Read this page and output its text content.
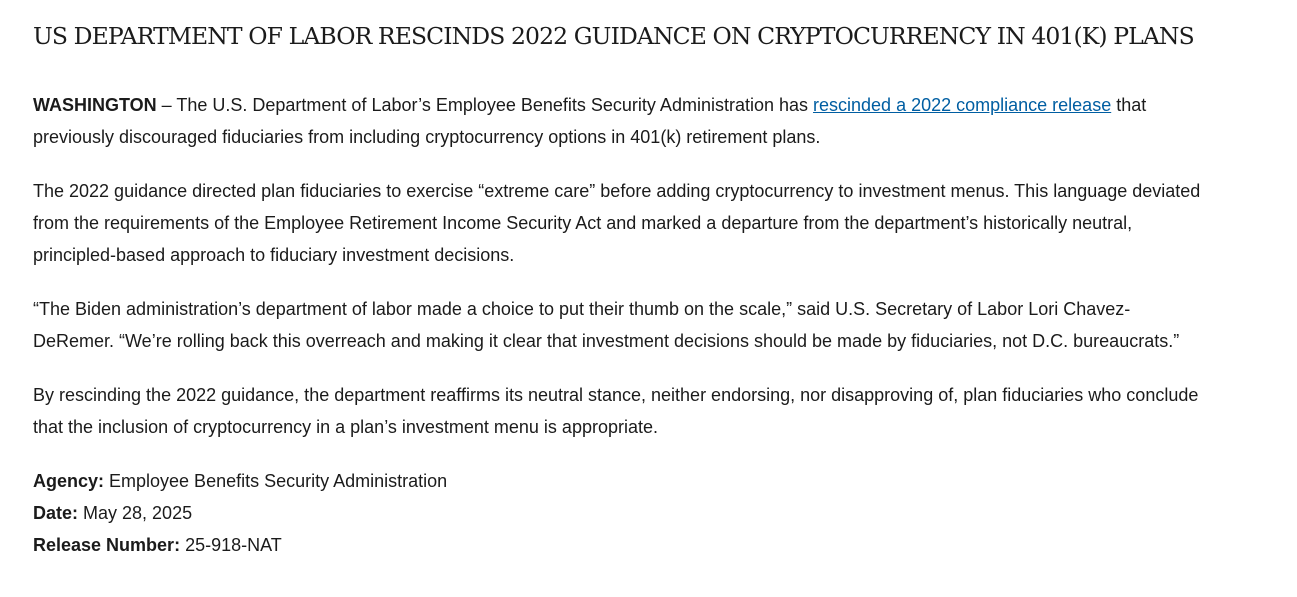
US DEPARTMENT OF LABOR RESCINDS 2022 GUIDANCE ON CRYPTOCURRENCY IN 401(K) PLANS

WASHINGTON – The U.S. Department of Labor’s Employee Benefits Security Administration has rescinded a 2022 compliance release that previously discouraged fiduciaries from including cryptocurrency options in 401(k) retirement plans.

The 2022 guidance directed plan fiduciaries to exercise “extreme care” before adding cryptocurrency to investment menus. This language deviated from the requirements of the Employee Retirement Income Security Act and marked a departure from the department’s historically neutral, principled-based approach to fiduciary investment decisions.

“The Biden administration’s department of labor made a choice to put their thumb on the scale,” said U.S. Secretary of Labor Lori Chavez-DeRemer. “We’re rolling back this overreach and making it clear that investment decisions should be made by fiduciaries, not D.C. bureaucrats.”

By rescinding the 2022 guidance, the department reaffirms its neutral stance, neither endorsing, nor disapproving of, plan fiduciaries who conclude that the inclusion of cryptocurrency in a plan’s investment menu is appropriate.

Agency: Employee Benefits Security Administration
Date: May 28, 2025
Release Number: 25-918-NAT
